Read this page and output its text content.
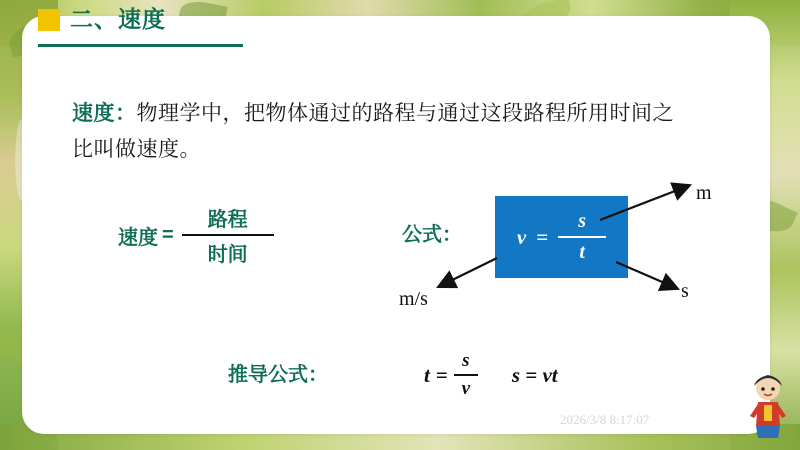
二、速度
速度：物理学中，把物体通过的路程与通过这段路程所用时间之比叫做速度。
速度 = $\frac{\text{路程}}{\text{时间}}$	公式：	$v = \frac{s}{t}$
m
s
m/s
推导公式：	$t = \frac{s}{v}$ s = vt
2026/3/8 8:17:07
